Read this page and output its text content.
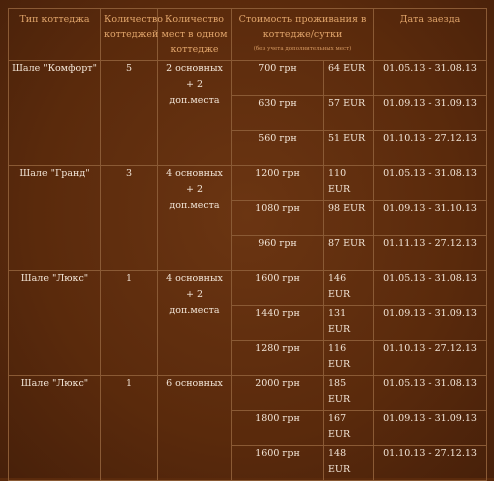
Тип коттеджа	Количество коттеджей	Количество мест в одном коттедже	Стоимость проживания в коттедже/сутки
(без учета дополнительных мест)		Дата заезда
Шале "Комфорт"	5	2 основных + 2 доп.места	700 грн	64 EUR	01.05.13 - 31.08.13
			630 грн	57 EUR	01.09.13 - 31.09.13
			560 грн	51 EUR	01.10.13 - 27.12.13
Шале "Гранд"	3	4 основных + 2 доп.места	1200 грн	110 EUR	01.05.13 - 31.08.13
			1080 грн	98 EUR	01.09.13 - 31.10.13
			960 грн	87 EUR	01.11.13 - 27.12.13
Шале "Люкс"	1	4 основных + 2 доп.места	1600 грн	146 EUR	01.05.13 - 31.08.13
			1440 грн	131 EUR	01.09.13 - 31.09.13
			1280 грн	116 EUR	01.10.13 - 27.12.13
Шале "Люкс"	1	6 основных	2000 грн	185 EUR	01.05.13 - 31.08.13
			1800 грн	167 EUR	01.09.13 - 31.09.13
			1600 грн	148 EUR	01.10.13 - 27.12.13
